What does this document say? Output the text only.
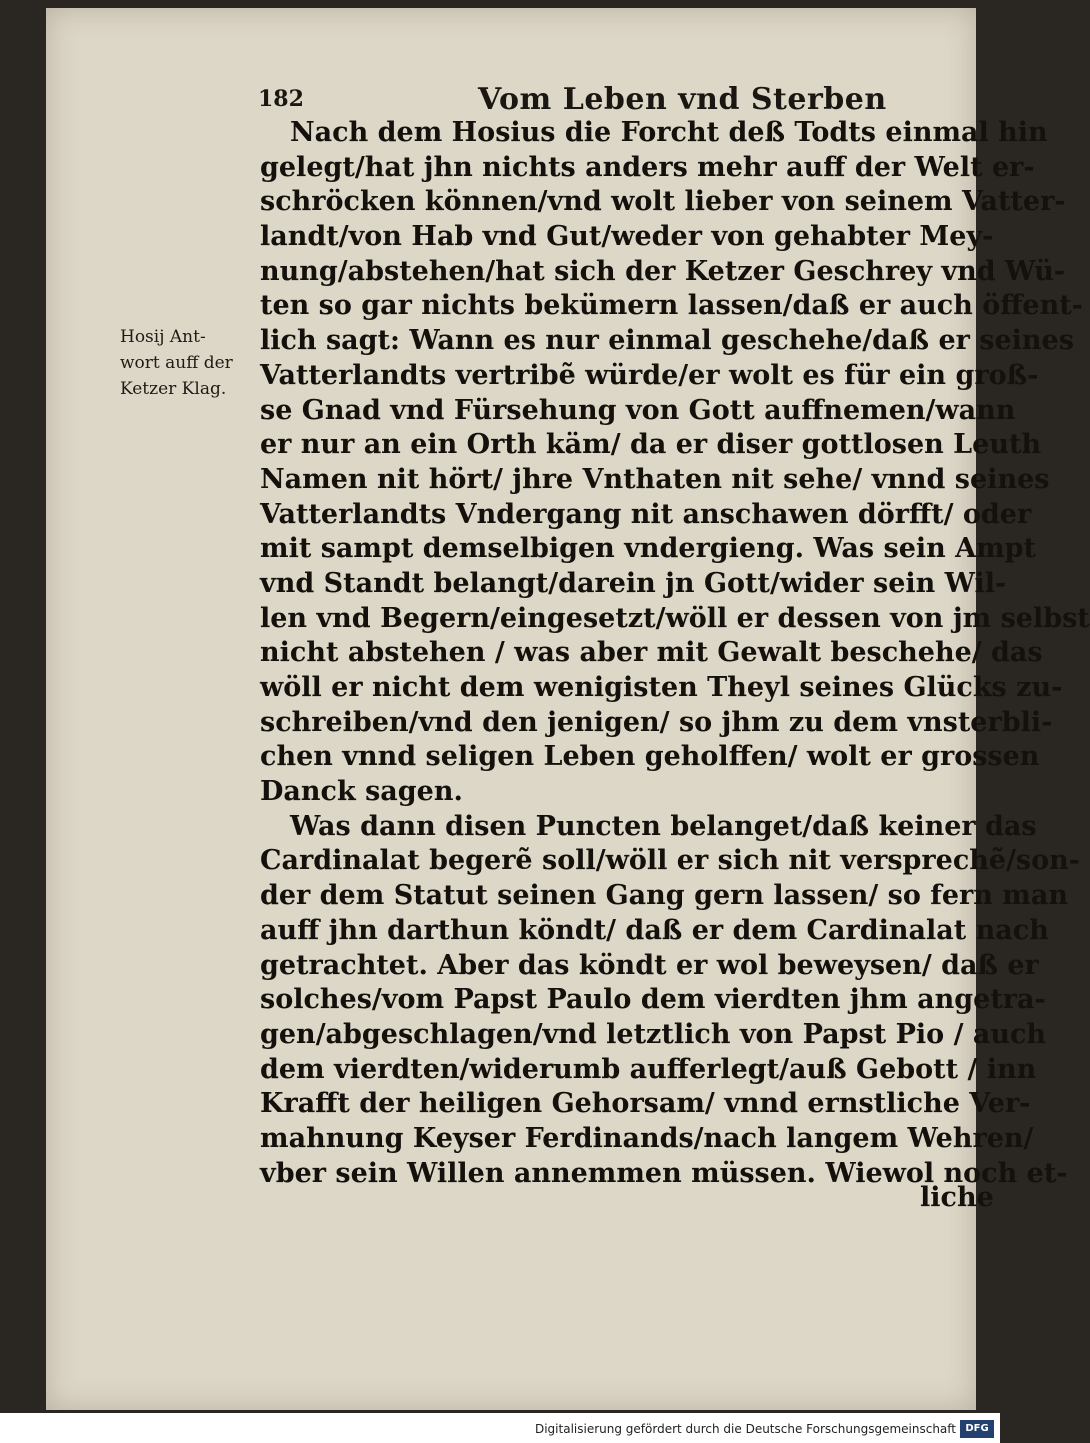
182	Vom Leben vnd Sterben
Hosij Ant-
wort auff der
Ketzer Klag.
Nach dem Hosius die Forcht deß Todts einmal hin
gelegt/hat jhn nichts anders mehr auff der Welt er-
schröcken können/vnd wolt lieber von seinem Vatter-
landt/von Hab vnd Gut/weder von gehabter Mey-
nung/abstehen/hat sich der Ketzer Geschrey vnd Wü-
ten so gar nichts bekümern lassen/daß er auch öffent-
lich sagt: Wann es nur einmal geschehe/daß er seines
Vatterlandts vertribẽ würde/er wolt es für ein groß-
se Gnad vnd Fürsehung von Gott auffnemen/wann
er nur an ein Orth käm/ da er diser gottlosen Leuth
Namen nit hört/ jhre Vnthaten nit sehe/ vnnd seines
Vatterlandts Vndergang nit anschawen dörfft/ oder
mit sampt demselbigen vndergieng. Was sein Ampt
vnd Standt belangt/darein jn Gott/wider sein Wil-
len vnd Begern/eingesetzt/wöll er dessen von jm selbst
nicht abstehen / was aber mit Gewalt beschehe/ das
wöll er nicht dem wenigisten Theyl seines Glücks zu-
schreiben/vnd den jenigen/ so jhm zu dem vnsterbli-
chen vnnd seligen Leben geholffen/ wolt er grossen
Danck sagen.
Was dann disen Puncten belanget/daß keiner das
Cardinalat begerẽ soll/wöll er sich nit versprechẽ/son-
der dem Statut seinen Gang gern lassen/ so fern man
auff jhn darthun köndt/ daß er dem Cardinalat nach
getrachtet. Aber das köndt er wol beweysen/ daß er
solches/vom Papst Paulo dem vierdten jhm angetra-
gen/abgeschlagen/vnd letztlich von Papst Pio / auch
dem vierdten/widerumb aufferlegt/auß Gebott / inn
Krafft der heiligen Gehorsam/ vnnd ernstliche Ver-
mahnung Keyser Ferdinands/nach langem Wehren/
vber sein Willen annemmen müssen. Wiewol noch et-
liche
Digitalisierung gefördert durch die Deutsche Forschungsgemeinschaft DFG
